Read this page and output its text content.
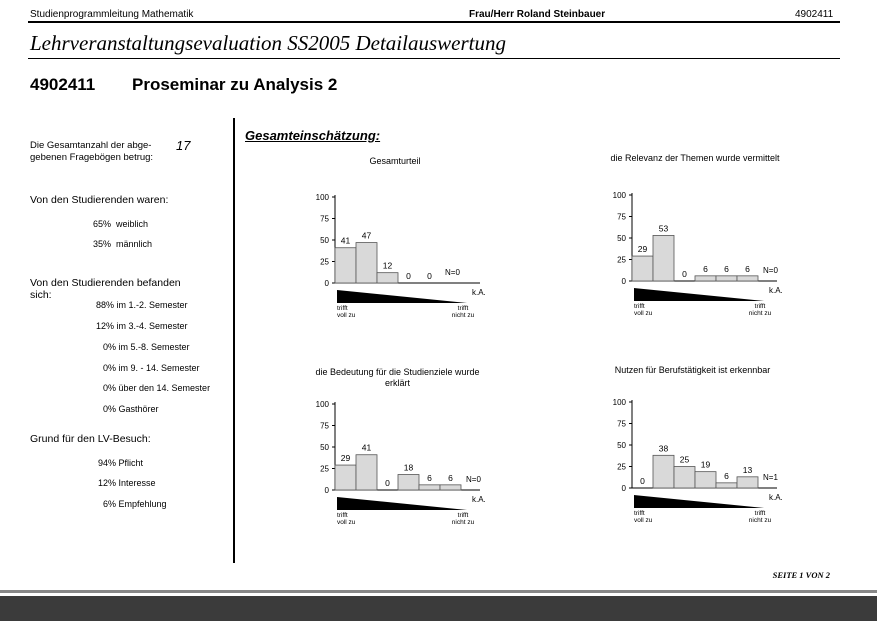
Studienprogrammleitung Mathematik	Frau/Herr Roland Steinbauer	4902411
Lehrveranstaltungsevaluation SS2005 Detailauswertung
4902411 Proseminar zu Analysis 2
Die Gesamtanzahl der abge-
gebenen Fragebögen betrug:
17
Von den Studierenden waren:
65% weiblich
35% männlich
Von den Studierenden befanden
sich:
88% im 1.-2. Semester
12% im 3.-4. Semester
0% im 5.-8. Semester
0% im 9. - 14. Semester
0% über den 14. Semester
0% Gasthörer
Grund für den LV-Besuch:
94% Pflicht
12% Interesse
6% Empfehlung
Gesamteinschätzung:
Gesamturteil	die Relevanz der Themen wurde vermittelt
die Bedeutung für die Studienziele wurde
erklärt
Nutzen für Berufstätigkeit ist erkennbar
100
75
50
25
0
41
47
12
0 0 N=0
k.A.
trifft
voll zu
trifft
nicht zu
100
75
50
25
0
29
53
0
6 6 6 N=0
k.A.
trifft
voll zu
trifft
nicht zu
100
75
50
25
0
29
41
0
18
6 6 N=0
k.A.
trifft
voll zu
trifft
nicht zu
100
75
50
25
0
0
38
25
19
6
13
N=1
k.A.
trifft
voll zu
trifft
nicht zu
SEITE 1 VON 2
